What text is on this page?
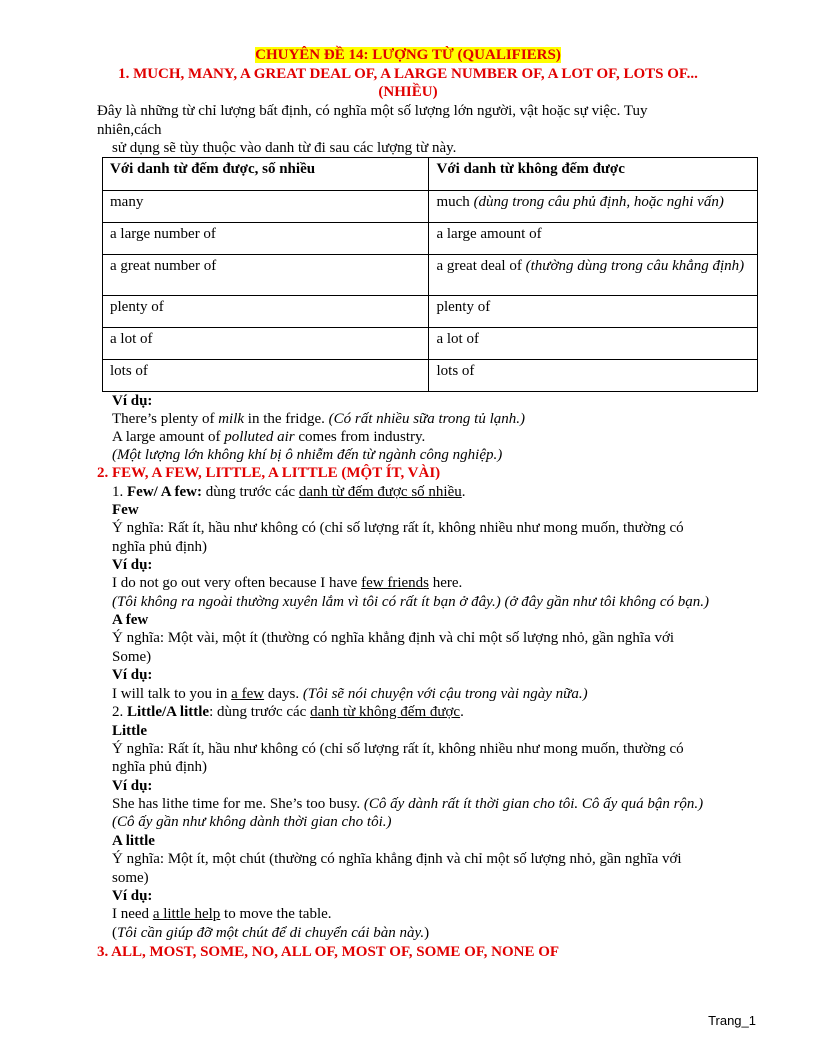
CHUYÊN ĐỀ 14: LƯỢNG TỪ (QUALIFIERS)
1. MUCH, MANY, A GREAT DEAL OF, A LARGE NUMBER OF, A LOT OF, LOTS OF...
(NHIỀU)
Đây là những từ chỉ lượng bất định, có nghĩa một số lượng lớn người, vật hoặc sự việc. Tuy
nhiên,cách
sử dụng sẽ tùy thuộc vào danh từ đi sau các lượng từ này.
Với danh từ đếm được, số nhiều	Với danh từ không đếm được
many	much (dùng trong câu phủ định, hoặc nghi vấn)
a large number of	a large amount of
a great number of	a great deal of (thường dùng trong câu khẳng định)
plenty of	plenty of
a lot of	a lot of
lots of	lots of
Ví dụ:
There’s plenty of milk in the fridge. (Có rất nhiều sữa trong tủ lạnh.)
A large amount of polluted air comes from industry.
(Một lượng lớn không khí bị ô nhiễm đến từ ngành công nghiệp.)
2. FEW, A FEW, LITTLE, A LITTLE (MỘT ÍT, VÀI)
1. Few/ A few: dùng trước các danh từ đếm được số nhiều.
Few
Ý nghĩa: Rất ít, hầu như không có (chỉ số lượng rất ít, không nhiều như mong muốn, thường có
nghĩa phủ định)
Ví dụ:
I do not go out very often because I have few friends here.
(Tôi không ra ngoài thường xuyên lắm vì tôi có rất ít bạn ở đây.) (ở đây gần như tôi không có bạn.)
A few
Ý nghĩa: Một vài, một ít (thường có nghĩa khẳng định và chỉ một số lượng nhỏ, gần nghĩa với
Some)
Ví dụ:
I will talk to you in a few days. (Tôi sẽ nói chuyện với cậu trong vài ngày nữa.)
2. Little/A little: dùng trước các danh từ không đếm được.
Little
Ý nghĩa: Rất ít, hầu như không có (chỉ số lượng rất ít, không nhiều như mong muốn, thường có
nghĩa phủ định)
Ví dụ:
She has lithe time for me. She’s too busy. (Cô ấy dành rất ít thời gian cho tôi. Cô ấy quá bận rộn.)
(Cô ấy gần như không dành thời gian cho tôi.)
A little
Ý nghĩa: Một ít, một chút (thường có nghĩa khẳng định và chỉ một số lượng nhỏ, gần nghĩa với
some)
Ví dụ:
I need a little help to move the table.
(Tôi cần giúp đỡ một chút để di chuyển cái bàn này.)
3. ALL, MOST, SOME, NO, ALL OF, MOST OF, SOME OF, NONE OF
Trang_1
